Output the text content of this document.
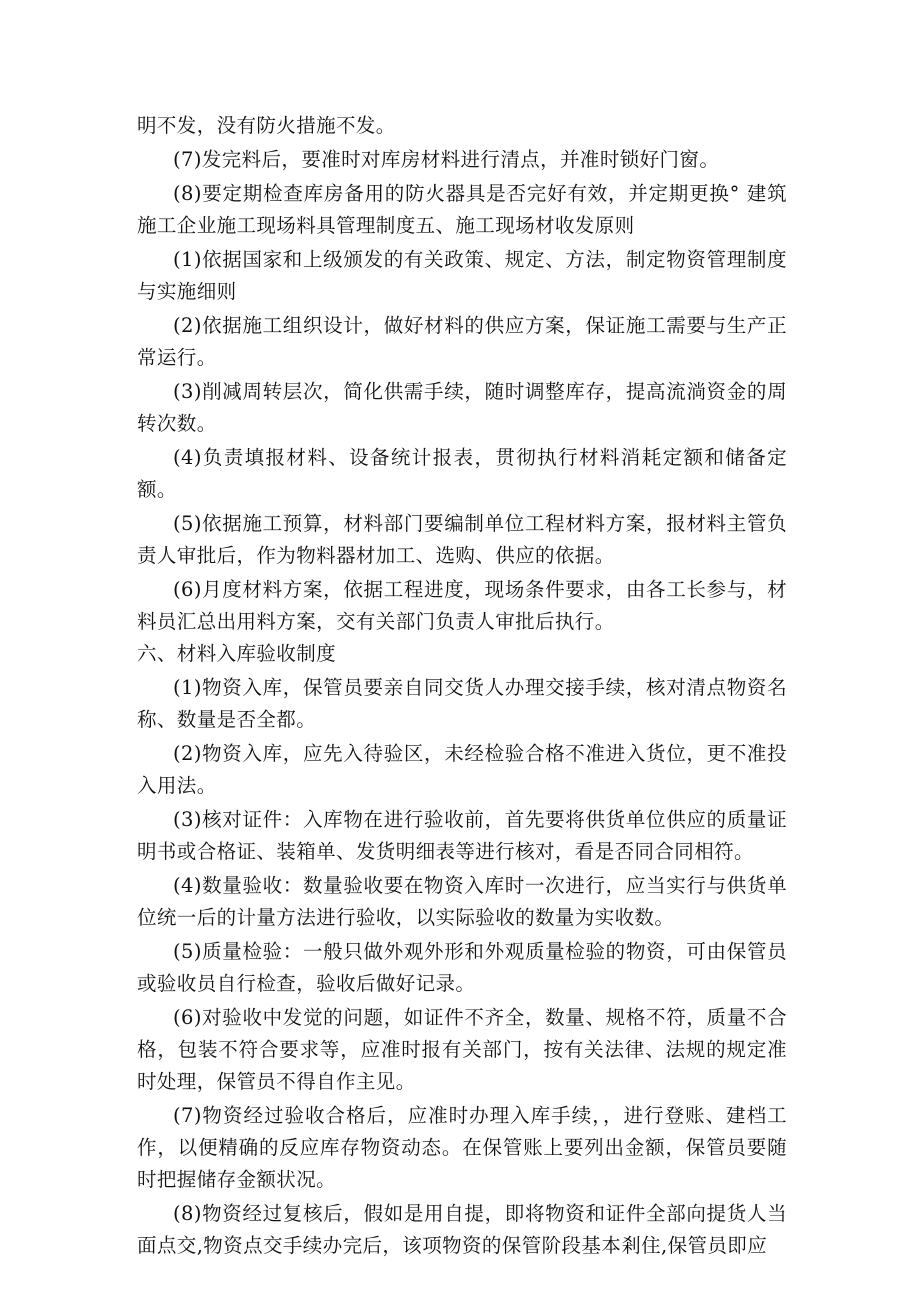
明不发，没有防火措施不发。

(7)发完料后，要准时对库房材料进行清点，并准时锁好门窗。

(8)要定期检查库房备用的防火器具是否完好有效，并定期更换° 建筑施工企业施工现场料具管理制度五、施工现场材收发原则

(1)依据国家和上级颁发的有关政策、规定、方法，制定物资管理制度与实施细则

(2)依据施工组织设计，做好材料的供应方案，保证施工需要与生产正常运行。

(3)削减周转层次，简化供需手续，随时调整库存，提高流淌资金的周转次数。

(4)负责填报材料、设备统计报表，贯彻执行材料消耗定额和储备定额。

(5)依据施工预算，材料部门要编制单位工程材料方案，报材料主管负责人审批后，作为物料器材加工、选购、供应的依据。

(6)月度材料方案，依据工程进度，现场条件要求，由各工长参与，材料员汇总出用料方案，交有关部门负责人审批后执行。

六、材料入库验收制度

(1)物资入库，保管员要亲自同交货人办理交接手续，核对清点物资名称、数量是否全都。

(2)物资入库，应先入待验区，未经检验合格不准进入货位，更不准投入用法。

(3)核对证件：入库物在进行验收前，首先要将供货单位供应的质量证明书或合格证、装箱单、发货明细表等进行核对，看是否同合同相符。

(4)数量验收：数量验收要在物资入库时一次进行，应当实行与供货单位统一后的计量方法进行验收，以实际验收的数量为实收数。

(5)质量检验：一般只做外观外形和外观质量检验的物资，可由保管员或验收员自行检查，验收后做好记录。

(6)对验收中发觉的问题，如证件不齐全，数量、规格不符，质量不合格，包装不符合要求等，应准时报有关部门，按有关法律、法规的规定准时处理，保管员不得自作主见。

(7)物资经过验收合格后，应准时办理入库手续，，进行登账、建档工作，以便精确的反应库存物资动态。在保管账上要列出金额，保管员要随时把握储存金额状况。

(8)物资经过复核后，假如是用自提，即将物资和证件全部向提货人当面点交,物资点交手续办完后，该项物资的保管阶段基本剎住,保管员即应
